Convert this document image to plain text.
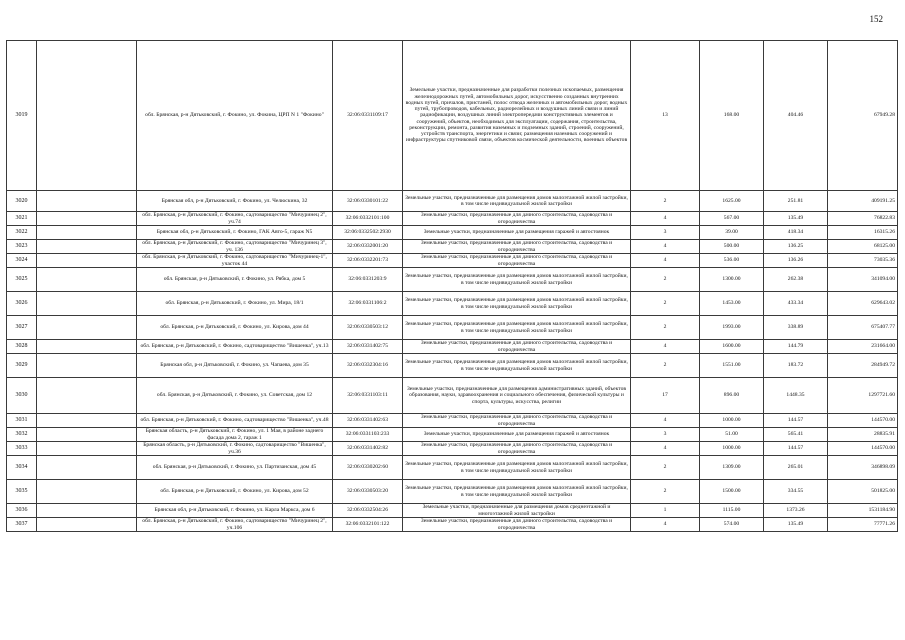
152
3019		обл. Брянская, р-н Дятьковский, г. Фокино, ул. Фокина, ЦРП N 1 "Фокино"	32:06:0331109:17	Земельные участки, предназначенные для разработки полезных ископаемых, размещения железнодорожных путей, автомобильных дорог, искусственно созданных внутренних водных путей, причалов, пристаней, полос отвода железных и автомобильных дорог, водных путей, трубопроводов, кабельных, радиорелейных и воздушных линий связи и линий радиофикации, воздушных линий электропередачи конструктивных элементов и сооружений, объектов, необходимых для эксплуатации, содержания, строительства, реконструкции, ремонта, развития наземных и подземных зданий, строений, сооружений, устройств транспорта, энергетики и связи; размещения наземных сооружений и инфраструктуры спутниковой связи, объектов космической деятельности, военных объектов	13	168.00	404.46	67949.28
3020		Брянская обл, р-н Дятьковский, г. Фокино, ул. Челюскина, 32	32:06:0330101:22	Земельные участки, предназначенные для размещения домов малоэтажной жилой застройки, в том числе индивидуальной жилой застройки	2	1625.00	251.81	409191.25
3021		обл. Брянская, р-н Дятьковский, г. Фокино, садтоварищество "Мичуринец 2", уч.74	32:06:0332101:100	Земельные участки, предназначенные для дачного строительства, садоводства и огородничества	4	567.00	135.49	76822.83
3022		Брянская обл, р-н Дятьковский, г. Фокино, ГАК Авто-5, гараж N5	32:06:0332502:2930	Земельные участки, предназначенные для размещения гаражей и автостоянок	3	39.00	418.34	16315.26
3023		обл. Брянская, р-н Дятьковский, г. Фокино, садтоварищество "Мичуринец 3", уч. 136	32:06:0332001:20	Земельные участки, предназначенные для дачного строительства, садоводства и огородничества	4	500.00	136.25	68125.00
3024		обл. Брянская, р-н Дятьковский, г. Фокино, садтоварищество "Мичуринец-1", участок 44	32:06:0332201:73	Земельные участки, предназначенные для дачного строительства, садоводства и огородничества	4	536.00	136.26	73035.36
3025		обл. Брянская, р-н Дятьковский, г. Фокино, ул. Рябка, дом 5	32:06:0331203:9	Земельные участки, предназначенные для размещения домов малоэтажной жилой застройки, в том числе индивидуальной жилой застройки	2	1300.00	262.38	341094.00
3026		обл. Брянская, р-н Дятьковский, г. Фокино, ул. Мира, 18/1	32:06:0331106:2	Земельные участки, предназначенные для размещения домов малоэтажной жилой застройки, в том числе индивидуальной жилой застройки	2	1453.00	433.34	629643.02
3027		обл. Брянская, р-н Дятьковский, г. Фокино, ул. Кирова, дом 44	32:06:0330503:12	Земельные участки, предназначенные для размещения домов малоэтажной жилой застройки, в том числе индивидуальной жилой застройки	2	1993.00	338.89	675407.77
3028		обл. Брянская, р-н Дятьковский, г. Фокино, садтоварищество "Вишенка", уч.13	32:06:0331402:75	Земельные участки, предназначенные для дачного строительства, садоводства и огородничества	4	1600.00	144.79	231664.00
3029		Брянская обл, р-н Дятьковский, г. Фокино, ул. Чапаева, дом 35	32:06:0332304:16	Земельные участки, предназначенные для размещения домов малоэтажной жилой застройки, в том числе индивидуальной жилой застройки	2	1551.00	183.72	284949.72
3030		обл. Брянская, р-н Дятьковский, г. Фокино, ул. Советская, дом 12	32:06:0331103:11	Земельные участки, предназначенные для размещения административных зданий, объектов образования, науки, здравоохранения и социального обеспечения, физической культуры и спорта, культуры, искусства, религии	17	896.00	1448.35	1297721.60
3031		обл. Брянская, р-н Дятьковский, г. Фокино, садтоварищество "Вишенка", уч.48	32:06:0331402:63	Земельные участки, предназначенные для дачного строительства, садоводства и огородничества	4	1000.00	144.57	144570.00
3032		Брянская область, р-н Дятьковский, г. Фокино, ул. 1 Мая, в районе заднего фасада дома 2, гараж 1	32:06:0331103:233	Земельные участки, предназначенные для размещения гаражей и автостоянок	3	51.00	565.41	28835.91
3033		Брянская область, р-н Дятьковский, г. Фокино, садтоварищество "Вишенка", уч.36	32:06:0331402:82	Земельные участки, предназначенные для дачного строительства, садоводства и огородничества	4	1000.00	144.57	144570.00
3034		обл. Брянская, р-н Дятьковский, г. Фокино, ул. Партизанская, дом 45	32:06:0330202:60	Земельные участки, предназначенные для размещения домов малоэтажной жилой застройки, в том числе индивидуальной жилой застройки	2	1309.00	265.01	346898.09
3035		обл. Брянская, р-н Дятьковский, г. Фокино, ул. Кирова, дом 52	32:06:0330503:20	Земельные участки, предназначенные для размещения домов малоэтажной жилой застройки, в том числе индивидуальной жилой застройки	2	1500.00	334.55	501825.00
3036		Брянская обл, р-н Дятьковский, г. Фокино, ул. Карла Маркса, дом 6	32:06:0332504:26	Земельные участки, предназначенные для размещения домов среднеэтажной и многоэтажной жилой застройки	1	1115.00	1373.26	1531184.90
3037		обл. Брянская, р-н Дятьковский, г. Фокино, садтоварищество "Мичуринец 2", уч.106	32:06:0332101:122	Земельные участки, предназначенные для дачного строительства, садоводства и огородничества	4	574.00	135.49	77771.26
